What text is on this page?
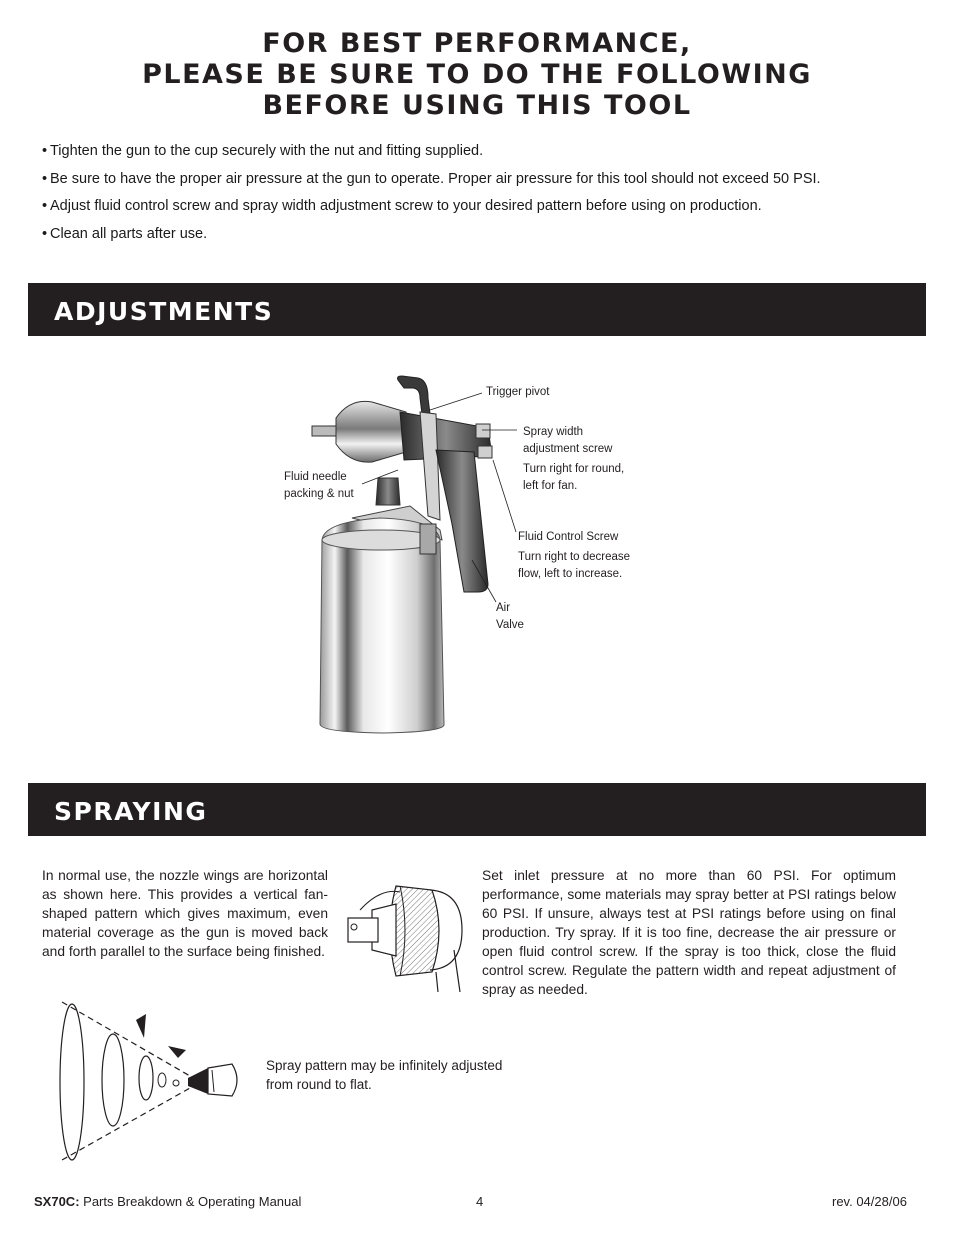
FOR BEST PERFORMANCE,
PLEASE BE SURE TO DO THE FOLLOWING
BEFORE USING THIS TOOL
• Tighten the gun to the cup securely with the nut and fitting supplied.
• Be sure to have the proper air pressure at the gun to operate. Proper air pressure for this tool should not exceed 50 PSI.
• Adjust fluid control screw and spray width adjustment screw to your desired pattern before using on production.
• Clean all parts after use.
ADJUSTMENTS
Trigger pivot
Spray width
adjustment screw
Turn right for round,
left for fan.
Fluid needle
packing & nut
Fluid Control Screw
Turn right to decrease
flow, left to increase.
Air
Valve
SPRAYING
In normal use, the nozzle wings are horizontal as shown here. This provides a vertical fan-shaped pattern which gives maximum, even material coverage as the gun is moved back and forth parallel to the surface being finished.
Set inlet pressure at no more than 60 PSI. For optimum performance, some materials may spray better at PSI ratings below 60 PSI. If unsure, always test at PSI ratings before using on final production. Try spray. If it is too fine, decrease the air pressure or open fluid control screw. If the spray is too thick, close the fluid control screw. Regulate the pattern width and repeat adjustment of spray as needed.
Spray pattern may be infinitely adjusted
from round to flat.
SX70C: Parts Breakdown & Operating Manual	4	rev. 04/28/06
